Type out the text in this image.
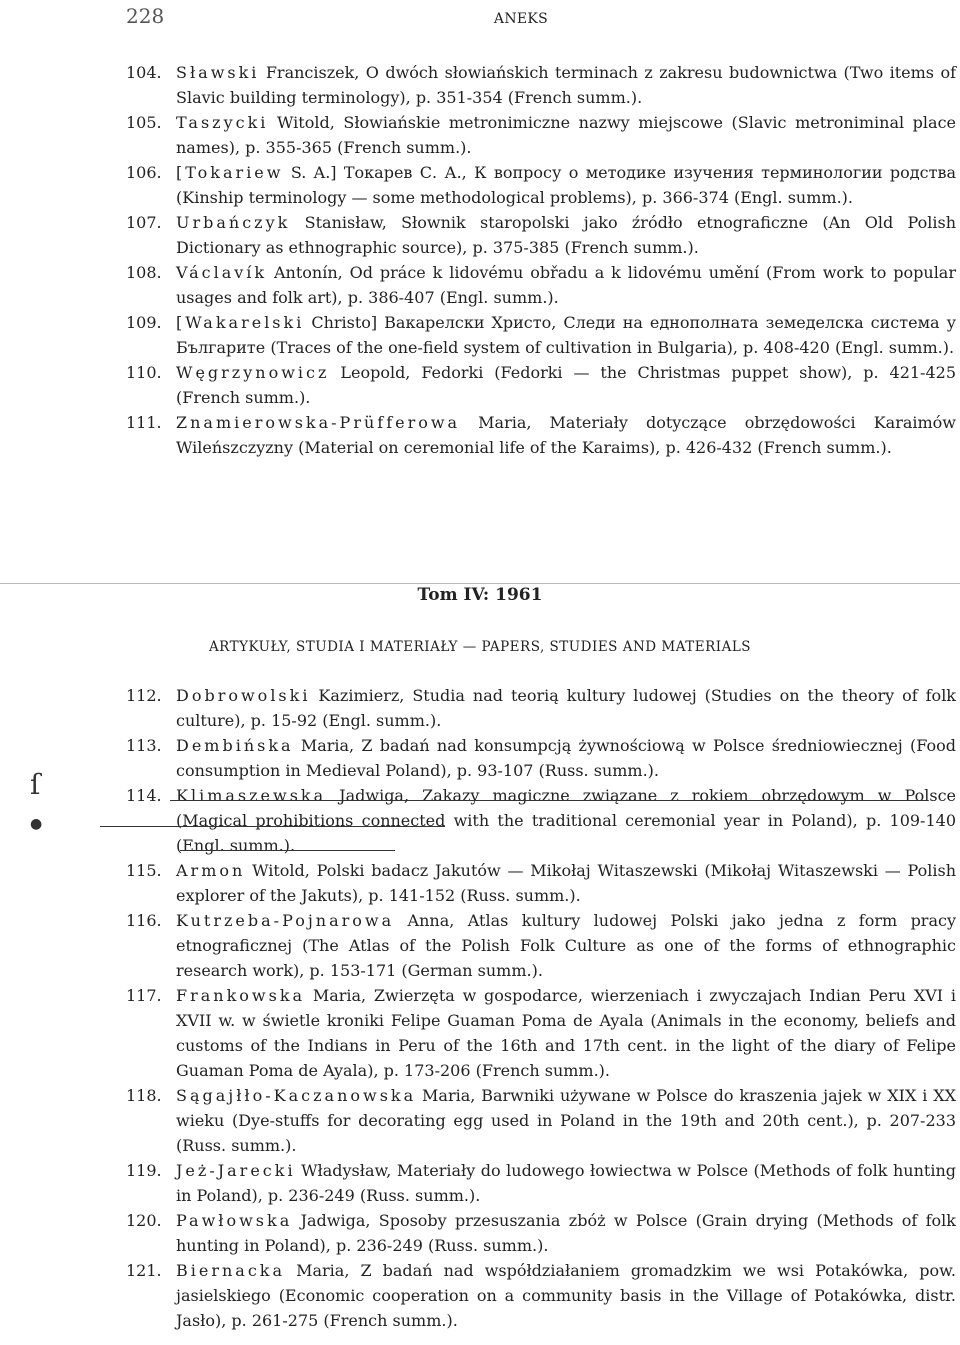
228	ANEKS
104. Sławski Franciszek, O dwóch słowiańskich terminach z zakresu budownictwa (Two items of Slavic building terminology), p. 351-354 (French summ.).
105. Taszycki Witold, Słowiańskie metronimiczne nazwy miejscowe (Slavic metroniminal place names), p. 355-365 (French summ.).
106. [Tokariew S. A.] Токарев С. А., К вопросу о методике изучения терминологии родства (Kinship terminology — some methodological problems), p. 366-374 (Engl. summ.).
107. Urbańczyk Stanisław, Słownik staropolski jako źródło etnograficzne (An Old Polish Dictionary as ethnographic source), p. 375-385 (French summ.).
108. Václavík Antonín, Od práce k lidovému obřadu a k lidovému umění (From work to popular usages and folk art), p. 386-407 (Engl. summ.).
109. [Wakarelski Christo] Вакарелски Христо, Следи на еднополната земеделска система у Българите (Traces of the one-field system of cultivation in Bulgaria), p. 408-420 (Engl. summ.).
110. Węgrzynowicz Leopold, Fedorki (Fedorki — the Christmas puppet show), p. 421-425 (French summ.).
111. Znamierowska-Prüfferowa Maria, Materiały dotyczące obrzędowości Karaimów Wileńszczyzny (Material on ceremonial life of the Karaims), p. 426-432 (French summ.).
Tom IV: 1961
ARTYKUŁY, STUDIA I MATERIAŁY — PAPERS, STUDIES AND MATERIALS
112. Dobrowolski Kazimierz, Studia nad teorią kultury ludowej (Studies on the theory of folk culture), p. 15-92 (Engl. summ.).
113. Dembińska Maria, Z badań nad konsumpcją żywnościową w Polsce średniowiecznej (Food consumption in Medieval Poland), p. 93-107 (Russ. summ.).
114. Klimaszewska Jadwiga, Zakazy magiczne związane z rokiem obrzędowym w Polsce (Magical prohibitions connected with the traditional ceremonial year in Poland), p. 109-140 (Engl. summ.).
115. Armon Witold, Polski badacz Jakutów — Mikołaj Witaszewski (Mikołaj Witaszewski — Polish explorer of the Jakuts), p. 141-152 (Russ. summ.).
116. Kutrzeba-Pojnarowa Anna, Atlas kultury ludowej Polski jako jedna z form pracy etnograficznej (The Atlas of the Polish Folk Culture as one of the forms of ethnographic research work), p. 153-171 (German summ.).
117. Frankowska Maria, Zwierzęta w gospodarce, wierzeniach i zwyczajach Indian Peru XVI i XVII w. w świetle kroniki Felipe Guaman Poma de Ayala (Animals in the economy, beliefs and customs of the Indians in Peru of the 16th and 17th cent. in the light of the diary of Felipe Guaman Poma de Ayala), p. 173-206 (French summ.).
118. Sągajłło-Kaczanowska Maria, Barwniki używane w Polsce do kraszenia jajek w XIX i XX wieku (Dye-stuffs for decorating egg used in Poland in the 19th and 20th cent.), p. 207-233 (Russ. summ.).
119. Jeż-Jarecki Władysław, Materiały do ludowego łowiectwa w Polsce (Methods of folk hunting in Poland), p. 236-249 (Russ. summ.).
120. Pawłowska Jadwiga, Sposoby przesuszania zbóż w Polsce (Grain drying (Methods of folk hunting in Poland), p. 236-249 (Russ. summ.).
121. Biernacka Maria, Z badań nad współdziałaniem gromadzkim we wsi Potakówka, pow. jasielskiego (Economic cooperation on a community basis in the Village of Potakówka, distr. Jasło), p. 261-275 (French summ.).
ſ
●
